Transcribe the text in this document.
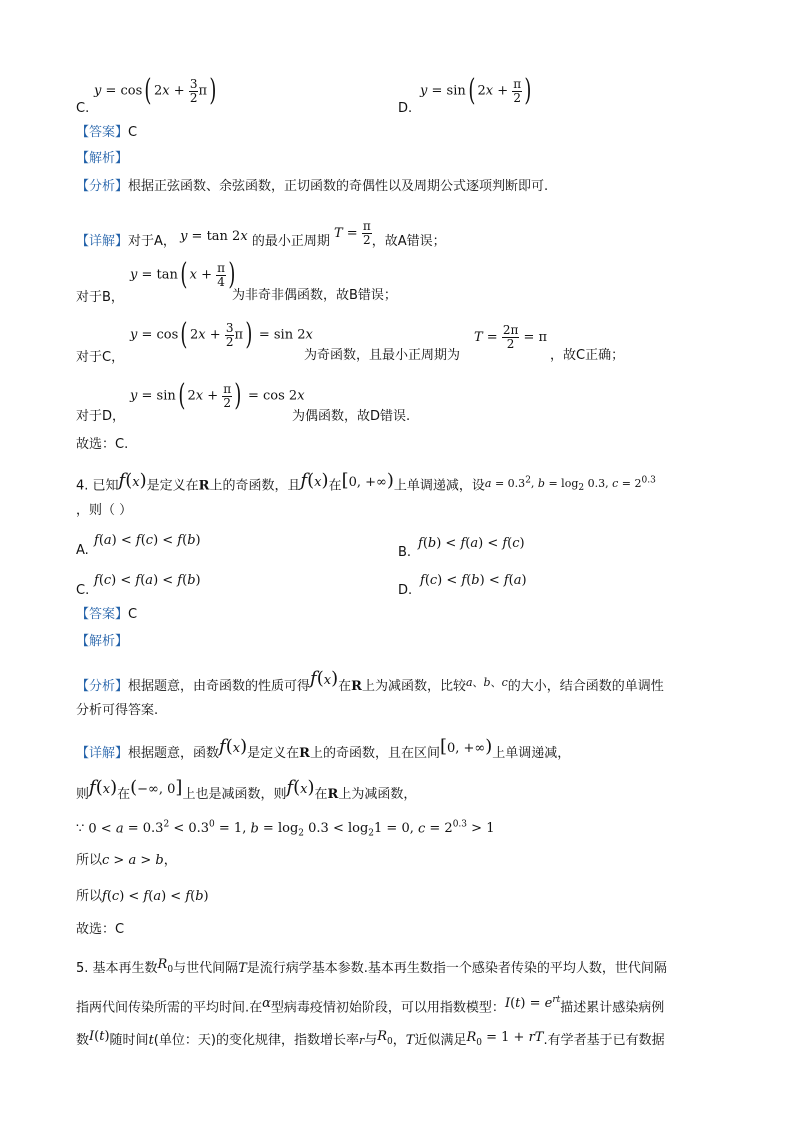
y = cos( $2x + \frac{3}{2} \pi$)
C.
y = sin( $2x + \frac{\pi}{2}$ )
D.
【答案】C
【解析】
【分析】根据正弦函数、余弦函数，正切函数的奇偶性以及周期公式逐项判断即可.
【详解】对于A， y = tan 2x 的最小正周期 $T = \frac{\pi}{2}$ ，故A错误；
y = tan( $x + \frac{\pi}{4}$ )
对于B，	为非奇非偶函数，故B错误；
y = cos( $2x + \frac{3}{2} \pi) = \sin 2x$	$T = \frac{2\pi}{2} = \pi$
对于C，	为奇函数，且最小正周期为	，故C正确；
y = sin( $2x + \frac{\pi}{2}$ ) = cos 2x
对于D，	为偶函数，故D错误.
故选：C.
4. 已知f(x)是定义在R上的奇函数，且f(x)在[0, +∞)上单调递减，设$^a$ $^{= 0.3^2,}$ $^b$ $^{= log_2 0.3,}$ $^c$ $^{= 2^{0.3}}$
，则（ ）
A.
f(a) < f(c) < f(b)
B.
f(b) < f(a) < f(c)
C.
f(c) < f(a) < f(b)
D.
f(c) < f(b) < f(a)
【答案】C
【解析】
【分析】根据题意，由奇函数的性质可得f(x)在R上为减函数，比较$^{a、b、c}$的大小，结合函数的单调性
分析可得答案.
【详解】根据题意，函数f(x)是定义在R上的奇函数，且在区间[0, +∞)上单调递减，
则f(x)在(−∞, 0]上也是减函数，则f(x)在R上为减函数，
∵ $0 < a = 0.3^2 < 0.3^0 = 1$, $b = \log_2 0.3 < \log_21 = 0$, $c = 2^{0.3} > 1$
所以c > a > b，
所以f(c) < f(a) < f(b)
故选：C
5. 基本再生数$R_0$与世代间隔T是流行病学基本参数.基本再生数指一个感染者传染的平均人数，世代间隔
指两代间传染所需的平均时间.在α型病毒疫情初始阶段，可以用指数模型：$I(t) = e^{rt}$描述累计感染病例
数I(t)随时间t(单位：天)的变化规律，指数增长率r与$R_0$，T近似满足$R_0 = 1$ + rT.有学者基于已有数据
